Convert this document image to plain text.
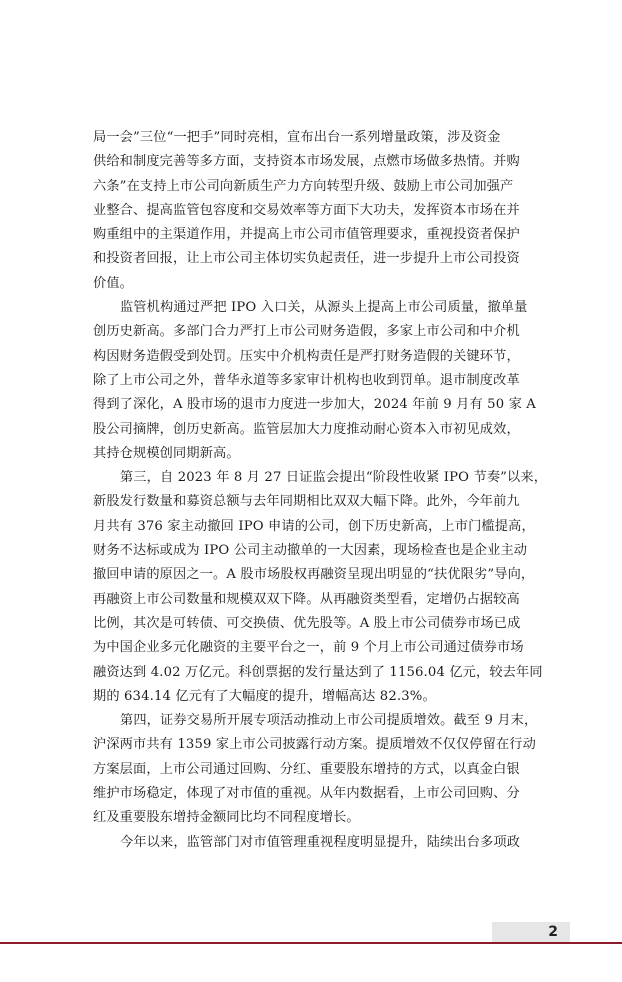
局一会”三位“一把手”同时亮相，宣布出台一系列增量政策，涉及资金
供给和制度完善等多方面，支持资本市场发展，点燃市场做多热情。并购
六条”在支持上市公司向新质生产力方向转型升级、鼓励上市公司加强产
业整合、提高监管包容度和交易效率等方面下大功夫，发挥资本市场在并
购重组中的主渠道作用，并提高上市公司市值管理要求，重视投资者保护
和投资者回报，让上市公司主体切实负起责任，进一步提升上市公司投资
价值。
监管机构通过严把 IPO 入口关，从源头上提高上市公司质量，撤单量
创历史新高。多部门合力严打上市公司财务造假，多家上市公司和中介机
构因财务造假受到处罚。压实中介机构责任是严打财务造假的关键环节，
除了上市公司之外，普华永道等多家审计机构也收到罚单。退市制度改革
得到了深化，A 股市场的退市力度进一步加大，2024 年前 9 月有 50 家 A
股公司摘牌，创历史新高。监管层加大力度推动耐心资本入市初见成效，
其持仓规模创同期新高。
第三，自 2023 年 8 月 27 日证监会提出“阶段性收紧 IPO 节奏”以来，
新股发行数量和募资总额与去年同期相比双双大幅下降。此外，今年前九
月共有 376 家主动撤回 IPO 申请的公司，创下历史新高，上市门槛提高，
财务不达标或成为 IPO 公司主动撤单的一大因素，现场检查也是企业主动
撤回申请的原因之一。A 股市场股权再融资呈现出明显的“扶优限劣”导向，
再融资上市公司数量和规模双双下降。从再融资类型看，定增仍占据较高
比例，其次是可转债、可交换债、优先股等。A 股上市公司债券市场已成
为中国企业多元化融资的主要平台之一，前 9 个月上市公司通过债券市场
融资达到 4.02 万亿元。科创票据的发行量达到了 1156.04 亿元，较去年同
期的 634.14 亿元有了大幅度的提升，增幅高达 82.3%。
第四，证券交易所开展专项活动推动上市公司提质增效。截至 9 月末，
沪深两市共有 1359 家上市公司披露行动方案。提质增效不仅仅停留在行动
方案层面，上市公司通过回购、分红、重要股东增持的方式，以真金白银
维护市场稳定，体现了对市值的重视。从年内数据看，上市公司回购、分
红及重要股东增持金额同比均不同程度增长。
今年以来，监管部门对市值管理重视程度明显提升，陆续出台多项政
2
